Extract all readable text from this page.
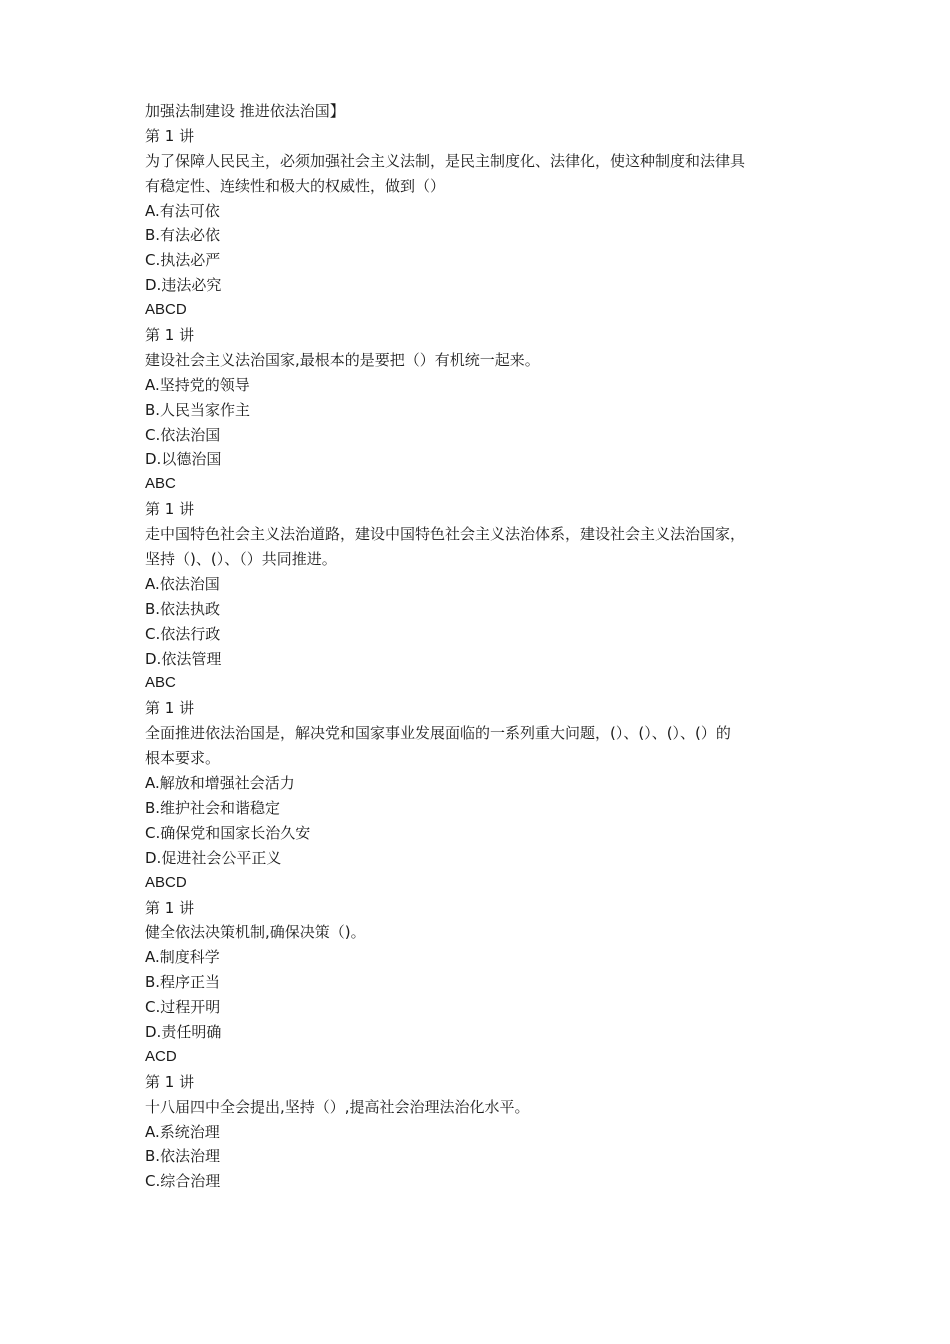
加强法制建设 推进依法治国】
第 1 讲
为了保障人民民主，必须加强社会主义法制，是民主制度化、法律化，使这种制度和法律具
有稳定性、连续性和极大的权威性，做到（）
A.有法可依
B.有法必依
C.执法必严
D.违法必究
ABCD
第 1 讲
建设社会主义法治国家,最根本的是要把（）有机统一起来。
A.坚持党的领导
B.人民当家作主
C.依法治国
D.以德治国
ABC
第 1 讲
走中国特色社会主义法治道路，建设中国特色社会主义法治体系，建设社会主义法治国家，
坚持（)、(）、（）共同推进。
A.依法治国
B.依法执政
C.依法行政
D.依法管理
ABC
第 1 讲
全面推进依法治国是，解决党和国家事业发展面临的一系列重大问题，(）、(）、(）、(）的
根本要求。
A.解放和增强社会活力
B.维护社会和谐稳定
C.确保党和国家长治久安
D.促进社会公平正义
ABCD
第 1 讲
健全依法决策机制,确保决策（)。
A.制度科学
B.程序正当
C.过程开明
D.责任明确
ACD
第 1 讲
十八届四中全会提出,坚持（）,提高社会治理法治化水平。
A.系统治理
B.依法治理
C.综合治理
